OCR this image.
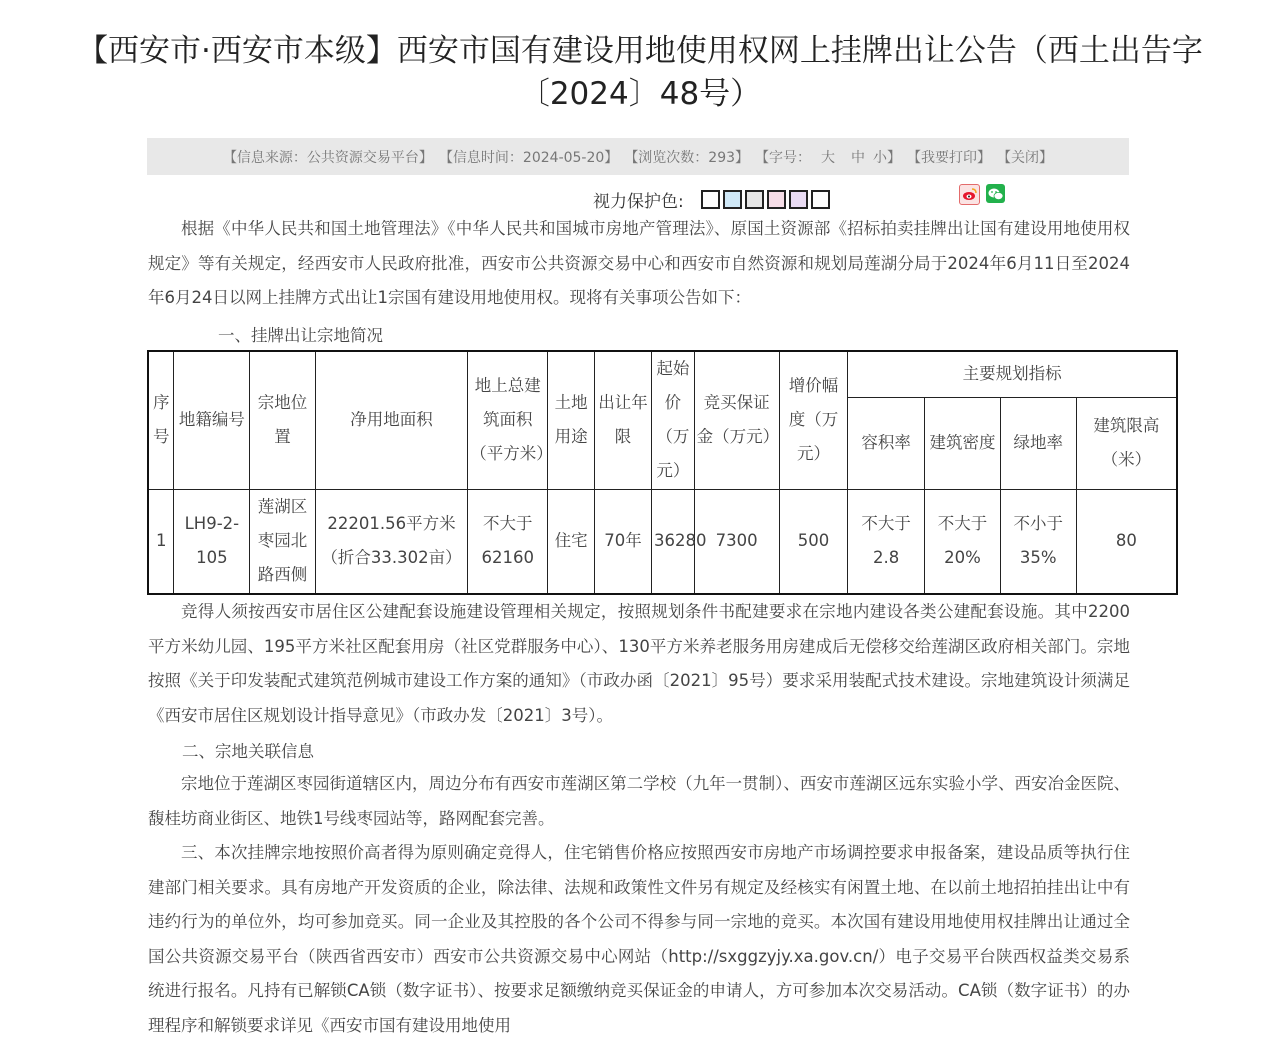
【西安市·西安市本级】西安市国有建设用地使用权网上挂牌出让公告（西土出告字〔2024〕48号）
【信息来源：公共资源交易平台】 【信息时间：2024-05-20】 【浏览次数：293】 【字号： 大 中 小】 【我要打印】 【关闭】
视力保护色:
根据《中华人民共和国土地管理法》《中华人民共和国城市房地产管理法》、原国土资源部《招标拍卖挂牌出让国有建设用地使用权规定》等有关规定，经西安市人民政府批准，西安市公共资源交易中心和西安市自然资源和规划局莲湖分局于2024年6月11日至2024年6月24日以网上挂牌方式出让1宗国有建设用地使用权。现将有关事项公告如下：
一、挂牌出让宗地简况
序号	地籍编号	宗地位置	净用地面积	地上总建筑面积（平方米）	土地用途	出让年限	起始价（万元）	竞买保证金（万元）	增价幅度（万元）	主要规划指标			
										容积率	建筑密度	绿地率	建筑限高（米）
1	LH9-2-105	莲湖区枣园北路西侧	22201.56平方米（折合33.302亩）	不大于62160	住宅	70年	36280	7300	500	不大于2.8	不大于20%	不小于35%	80
竞得人须按西安市居住区公建配套设施建设管理相关规定，按照规划条件书配建要求在宗地内建设各类公建配套设施。其中2200平方米幼儿园、195平方米社区配套用房（社区党群服务中心）、130平方米养老服务用房建成后无偿移交给莲湖区政府相关部门。宗地按照《关于印发装配式建筑范例城市建设工作方案的通知》（市政办函〔2021〕95号）要求采用装配式技术建设。宗地建筑设计须满足《西安市居住区规划设计指导意见》（市政办发〔2021〕3号）。
二、宗地关联信息
宗地位于莲湖区枣园街道辖区内，周边分布有西安市莲湖区第二学校（九年一贯制）、西安市莲湖区远东实验小学、西安冶金医院、馥桂坊商业街区、地铁1号线枣园站等，路网配套完善。
三、本次挂牌宗地按照价高者得为原则确定竞得人，住宅销售价格应按照西安市房地产市场调控要求申报备案，建设品质等执行住建部门相关要求。具有房地产开发资质的企业，除法律、法规和政策性文件另有规定及经核实有闲置土地、在以前土地招拍挂出让中有违约行为的单位外，均可参加竞买。同一企业及其控股的各个公司不得参与同一宗地的竞买。本次国有建设用地使用权挂牌出让通过全国公共资源交易平台（陕西省西安市）西安市公共资源交易中心网站（http://sxggzyjy.xa.gov.cn/）电子交易平台陕西权益类交易系统进行报名。凡持有已解锁CA锁（数字证书）、按要求足额缴纳竞买保证金的申请人，方可参加本次交易活动。CA锁（数字证书）的办理程序和解锁要求详见《西安市国有建设用地使用
